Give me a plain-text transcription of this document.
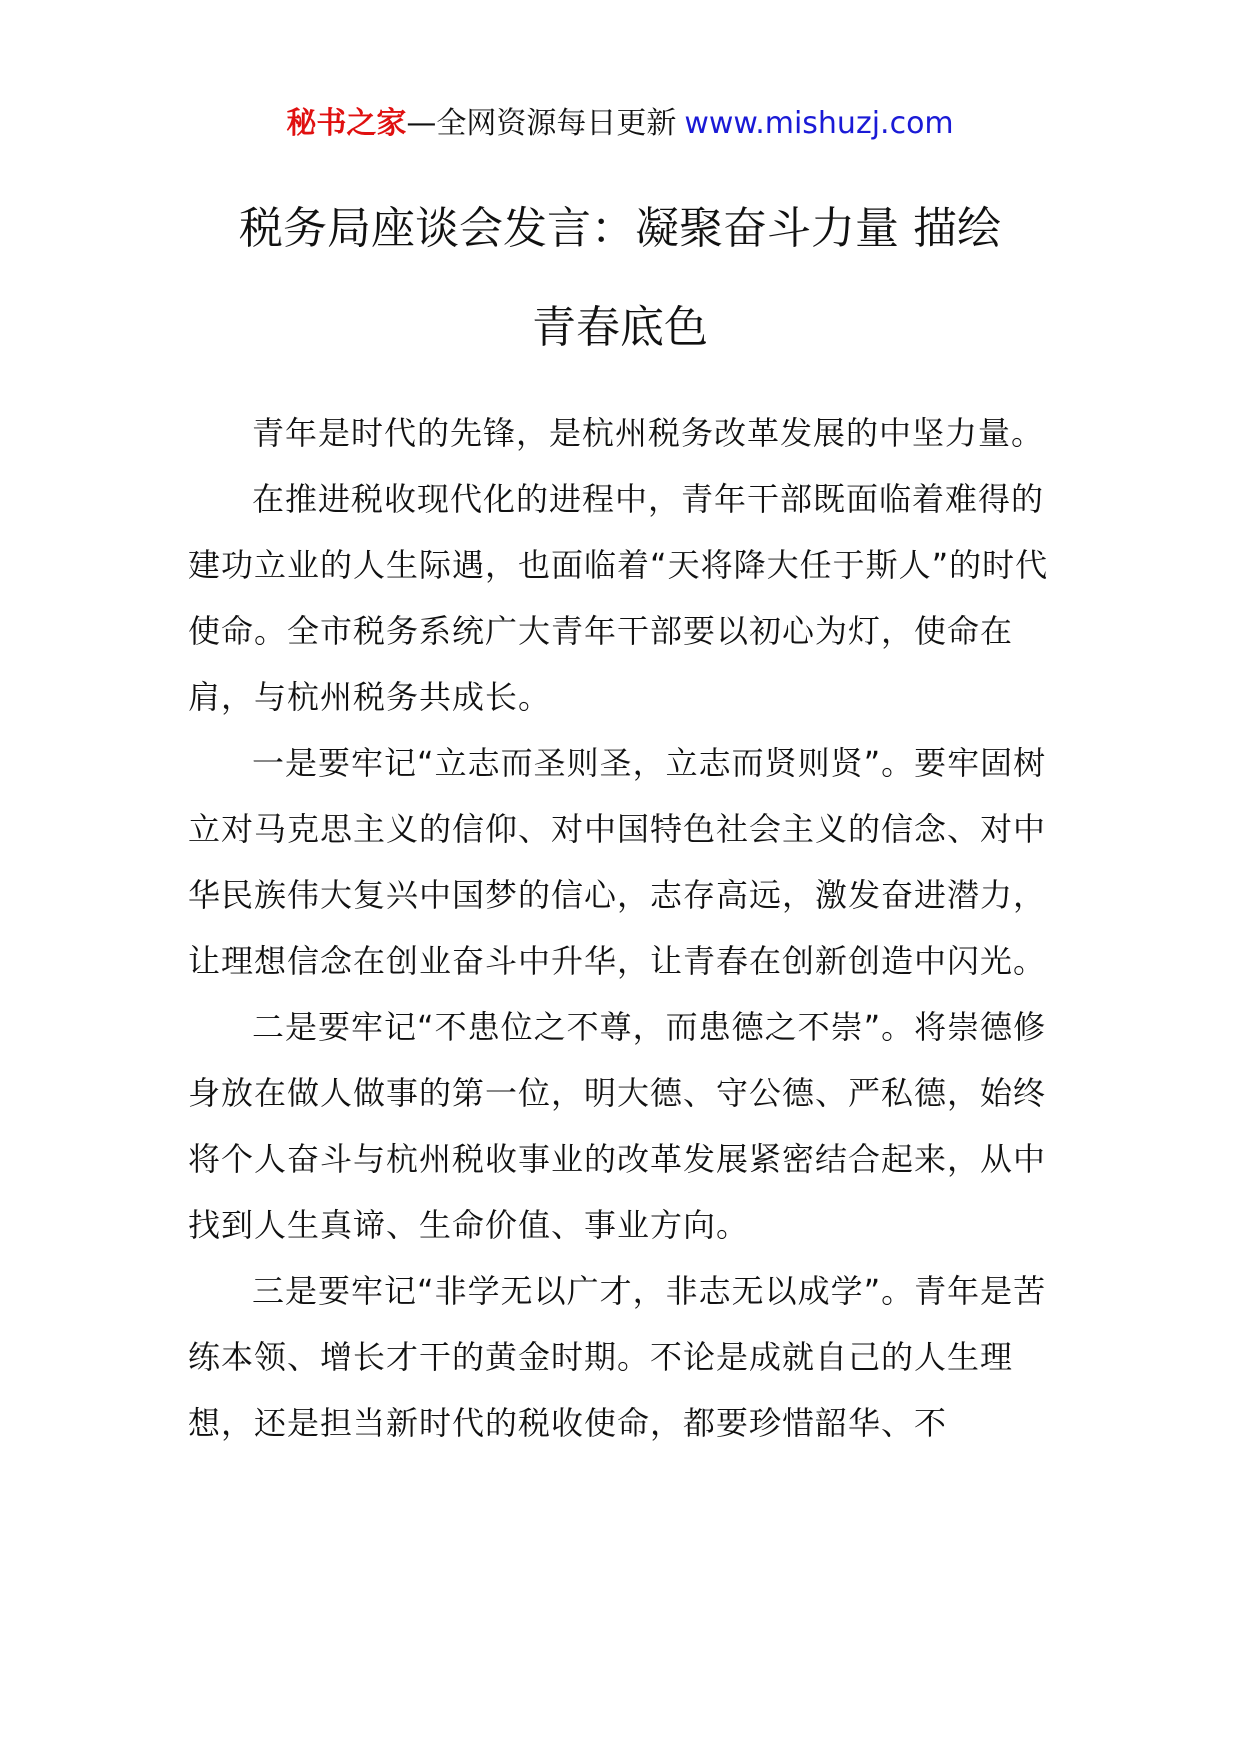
秘书之家—全网资源每日更新 www.mishuzj.com
税务局座谈会发言：凝聚奋斗力量 描绘
青春底色

青年是时代的先锋，是杭州税务改革发展的中坚力量。

在推进税收现代化的进程中，青年干部既面临着难得的建功立业的人生际遇，也面临着“天将降大任于斯人”的时代使命。全市税务系统广大青年干部要以初心为灯，使命在肩，与杭州税务共成长。

一是要牢记“立志而圣则圣，立志而贤则贤”。要牢固树立对马克思主义的信仰、对中国特色社会主义的信念、对中华民族伟大复兴中国梦的信心，志存高远，激发奋进潜力，让理想信念在创业奋斗中升华，让青春在创新创造中闪光。

二是要牢记“不患位之不尊，而患德之不崇”。将崇德修身放在做人做事的第一位，明大德、守公德、严私德，始终将个人奋斗与杭州税收事业的改革发展紧密结合起来，从中找到人生真谛、生命价值、事业方向。

三是要牢记“非学无以广才，非志无以成学”。青年是苦练本领、增长才干的黄金时期。不论是成就自己的人生理想，还是担当新时代的税收使命，都要珍惜韶华、不
